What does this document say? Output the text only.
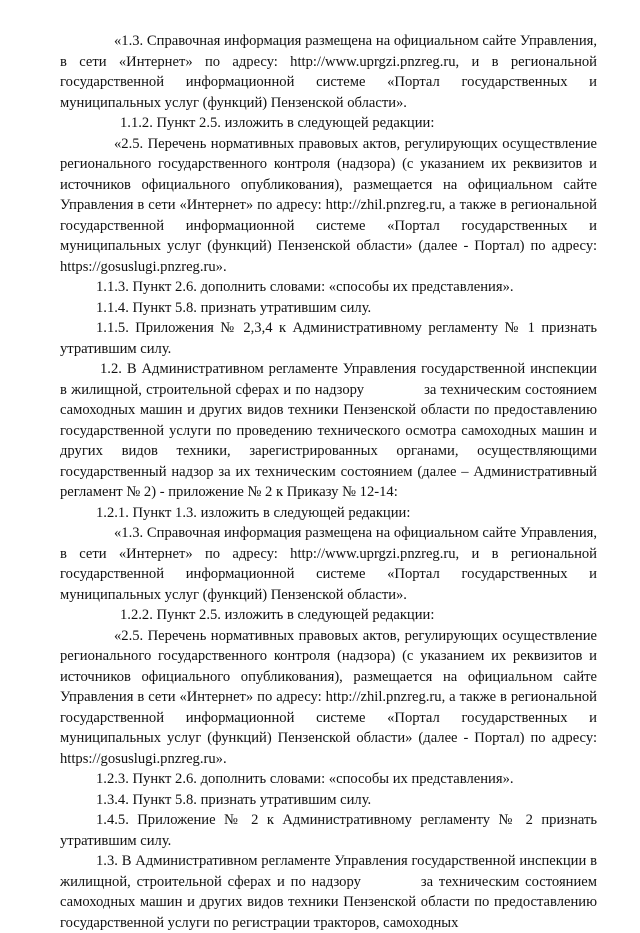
«1.3. Справочная информация размещена на официальном сайте Управления, в сети «Интернет» по адресу: http://www.uprgzi.pnzreg.ru, и в региональной государственной информационной системе «Портал государственных и муниципальных услуг (функций) Пензенской области».

1.1.2. Пункт 2.5. изложить в следующей редакции:

«2.5. Перечень нормативных правовых актов, регулирующих осуществление регионального государственного контроля (надзора) (с указанием их реквизитов и источников официального опубликования), размещается на официальном сайте Управления в сети «Интернет» по адресу: http://zhil.pnzreg.ru, а также в региональной государственной информационной системе «Портал государственных и муниципальных услуг (функций) Пензенской области» (далее - Портал) по адресу: https://gosuslugi.pnzreg.ru».

1.1.3. Пункт 2.6. дополнить словами: «способы их представления».

1.1.4. Пункт 5.8. признать утратившим силу.

1.1.5. Приложения № 2,3,4 к Административному регламенту № 1 признать утратившим силу.

1.2. В Административном регламенте Управления государственной инспекции в жилищной, строительной сферах и по надзору	за техническим состоянием самоходных машин и других видов техники Пензенской области по предоставлению государственной услуги по проведению технического осмотра самоходных машин и других видов техники, зарегистрированных органами, осуществляющими государственный надзор за их техническим состоянием (далее – Административный регламент № 2) - приложение № 2 к Приказу № 12-14:

1.2.1. Пункт 1.3. изложить в следующей редакции:

«1.3. Справочная информация размещена на официальном сайте Управления, в сети «Интернет» по адресу: http://www.uprgzi.pnzreg.ru, и в региональной государственной информационной системе «Портал государственных и муниципальных услуг (функций) Пензенской области».

1.2.2. Пункт 2.5. изложить в следующей редакции:

«2.5. Перечень нормативных правовых актов, регулирующих осуществление регионального государственного контроля (надзора) (с указанием их реквизитов и источников официального опубликования), размещается на официальном сайте Управления в сети «Интернет» по адресу: http://zhil.pnzreg.ru, а также в региональной государственной информационной системе «Портал государственных и муниципальных услуг (функций) Пензенской области» (далее - Портал) по адресу: https://gosuslugi.pnzreg.ru».

1.2.3. Пункт 2.6. дополнить словами: «способы их представления».

1.3.4. Пункт 5.8. признать утратившим силу.

1.4.5. Приложение № 2 к Административному регламенту № 2 признать утратившим силу.

1.3. В Административном регламенте Управления государственной инспекции в жилищной, строительной сферах и по надзору	за техническим состоянием самоходных машин и других видов техники Пензенской области по предоставлению государственной услуги по регистрации тракторов, самоходных
